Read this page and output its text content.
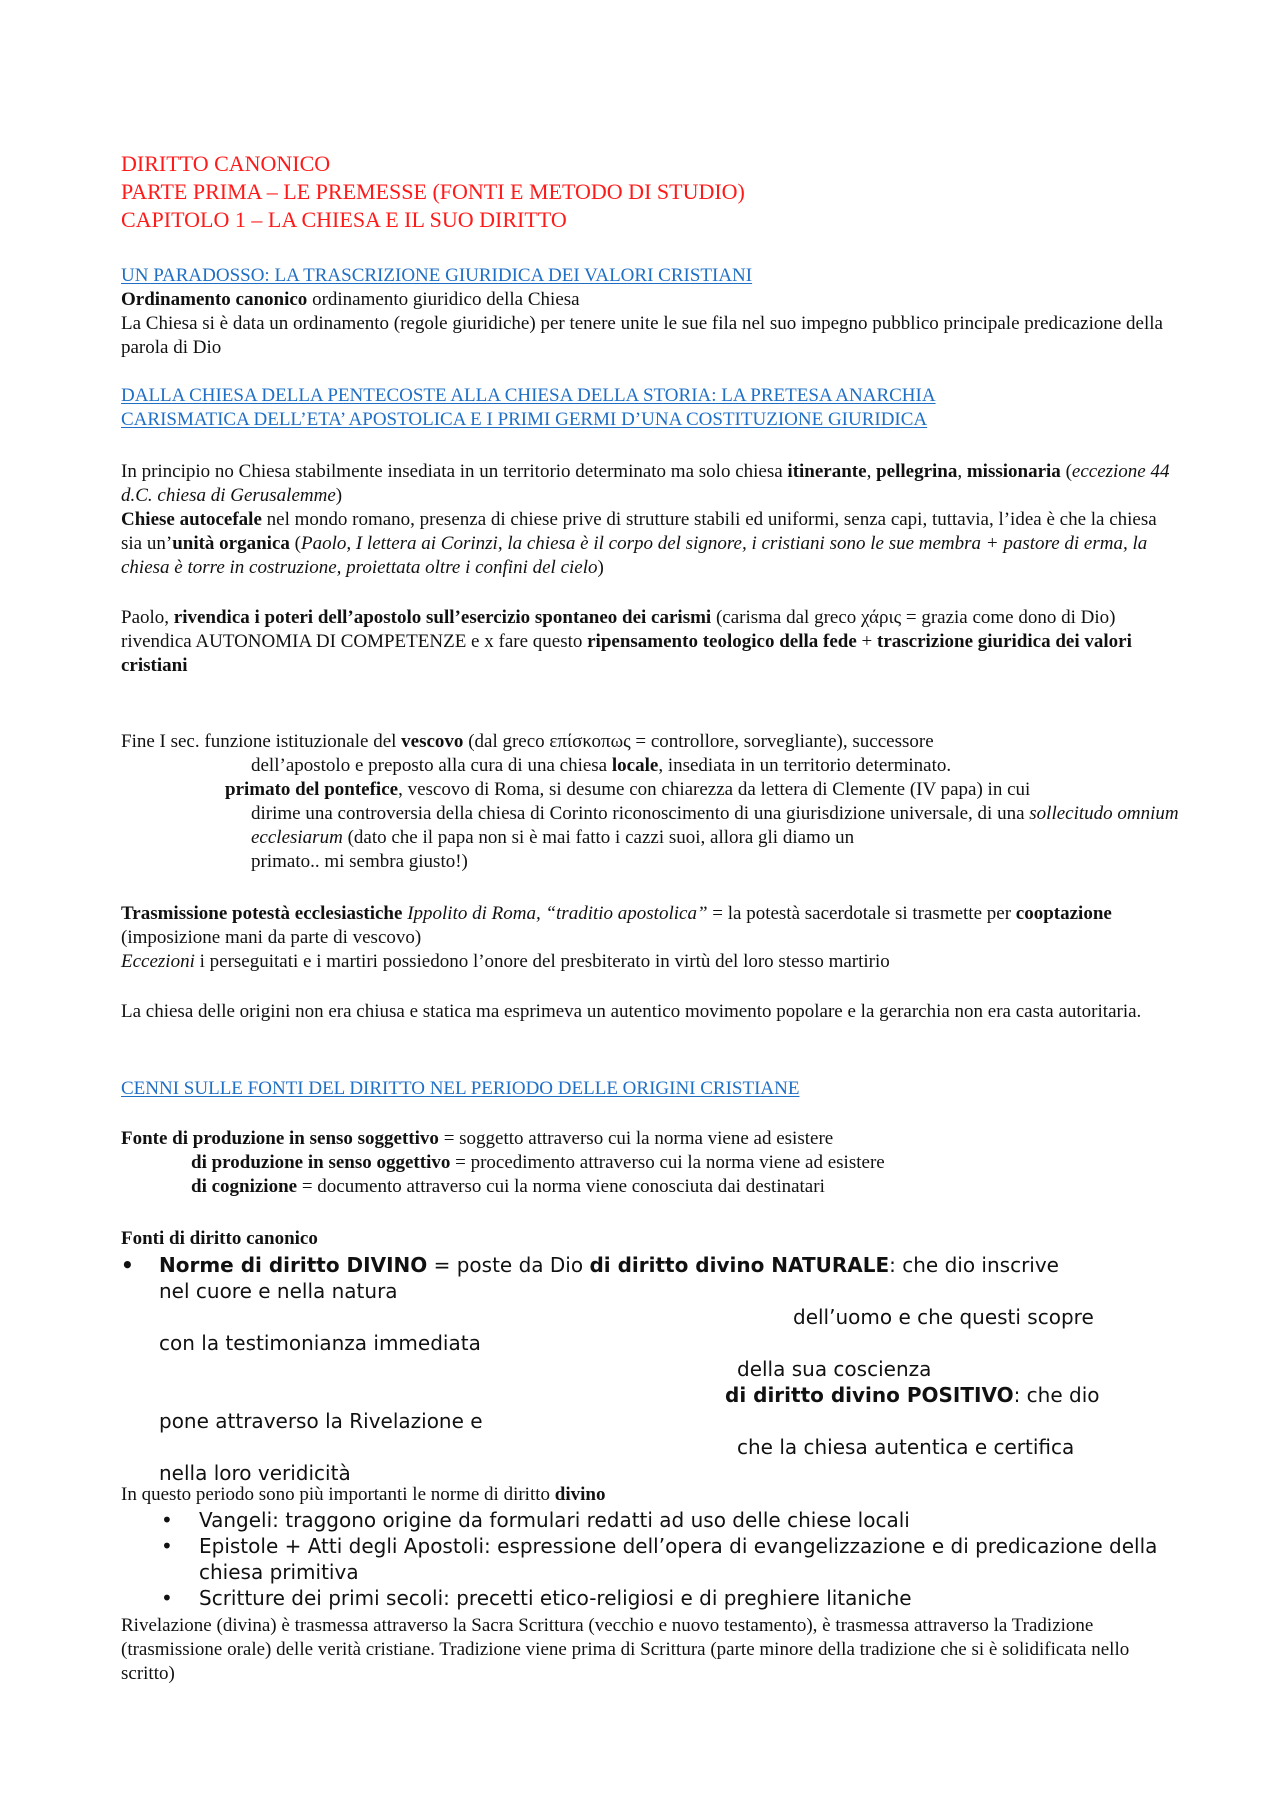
DIRITTO CANONICO

PARTE PRIMA – LE PREMESSE (FONTI E METODO DI STUDIO)

CAPITOLO 1 – LA CHIESA E IL SUO DIRITTO

UN PARADOSSO: LA TRASCRIZIONE GIURIDICA DEI VALORI CRISTIANI

Ordinamento canonico ordinamento giuridico della Chiesa

La Chiesa si è data un ordinamento (regole giuridiche) per tenere unite le sue fila nel suo impegno pubblico principale predicazione della parola di Dio

DALLA CHIESA DELLA PENTECOSTE ALLA CHIESA DELLA STORIA: LA PRETESA ANARCHIA

CARISMATICA DELL’ETA’ APOSTOLICA E I PRIMI GERMI D’UNA COSTITUZIONE GIURIDICA

In principio no Chiesa stabilmente insediata in un territorio determinato ma solo chiesa itinerante, pellegrina, missionaria (eccezione 44 d.C. chiesa di Gerusalemme)

Chiese autocefale nel mondo romano, presenza di chiese prive di strutture stabili ed uniformi, senza capi, tuttavia, l’idea è che la chiesa sia un’unità organica (Paolo, I lettera ai Corinzi, la chiesa è il corpo del signore, i cristiani sono le sue membra + pastore di erma, la chiesa è torre in costruzione, proiettata oltre i confini del cielo)

Paolo, rivendica i poteri dell’apostolo sull’esercizio spontaneo dei carismi (carisma dal greco χάρις = grazia come dono di Dio)

rivendica AUTONOMIA DI COMPETENZE e x fare questo ripensamento teologico della fede + trascrizione giuridica dei valori cristiani

Fine I sec. funzione istituzionale del vescovo (dal greco επίσκοπως = controllore, sorvegliante), successore

dell’apostolo e preposto alla cura di una chiesa locale, insediata in un territorio determinato.

primato del pontefice, vescovo di Roma, si desume con chiarezza da lettera di Clemente (IV papa) in cui

dirime una controversia della chiesa di Corinto riconoscimento di una giurisdizione universale, di una sollecitudo omnium ecclesiarum (dato che il papa non si è mai fatto i cazzi suoi, allora gli diamo un

primato.. mi sembra giusto!)

Trasmissione potestà ecclesiastiche Ippolito di Roma, “traditio apostolica” = la potestà sacerdotale si trasmette per cooptazione (imposizione mani da parte di vescovo)

Eccezioni i perseguitati e i martiri possiedono l’onore del presbiterato in virtù del loro stesso martirio

La chiesa delle origini non era chiusa e statica ma esprimeva un autentico movimento popolare e la gerarchia non era casta autoritaria.

CENNI SULLE FONTI DEL DIRITTO NEL PERIODO DELLE ORIGINI CRISTIANE

Fonte di produzione in senso soggettivo = soggetto attraverso cui la norma viene ad esistere

di produzione in senso oggettivo = procedimento attraverso cui la norma viene ad esistere

di cognizione = documento attraverso cui la norma viene conosciuta dai destinatari

Fonti di diritto canonico

• Norme di diritto DIVINO = poste da Dio di diritto divino NATURALE: che dio inscrive

nel cuore e nella natura

dell’uomo e che questi scopre

con la testimonianza immediata

della sua coscienza

di diritto divino POSITIVO: che dio

pone attraverso la Rivelazione e

che la chiesa autentica e certifica

nella loro veridicità

In questo periodo sono più importanti le norme di diritto divino

• Vangeli: traggono origine da formulari redatti ad uso delle chiese locali

• Epistole + Atti degli Apostoli: espressione dell’opera di evangelizzazione e di predicazione della chiesa primitiva

• Scritture dei primi secoli: precetti etico-religiosi e di preghiere litaniche

Rivelazione (divina) è trasmessa attraverso la Sacra Scrittura (vecchio e nuovo testamento), è trasmessa attraverso la Tradizione (trasmissione orale) delle verità cristiane. Tradizione viene prima di Scrittura (parte minore della tradizione che si è solidificata nello scritto)
